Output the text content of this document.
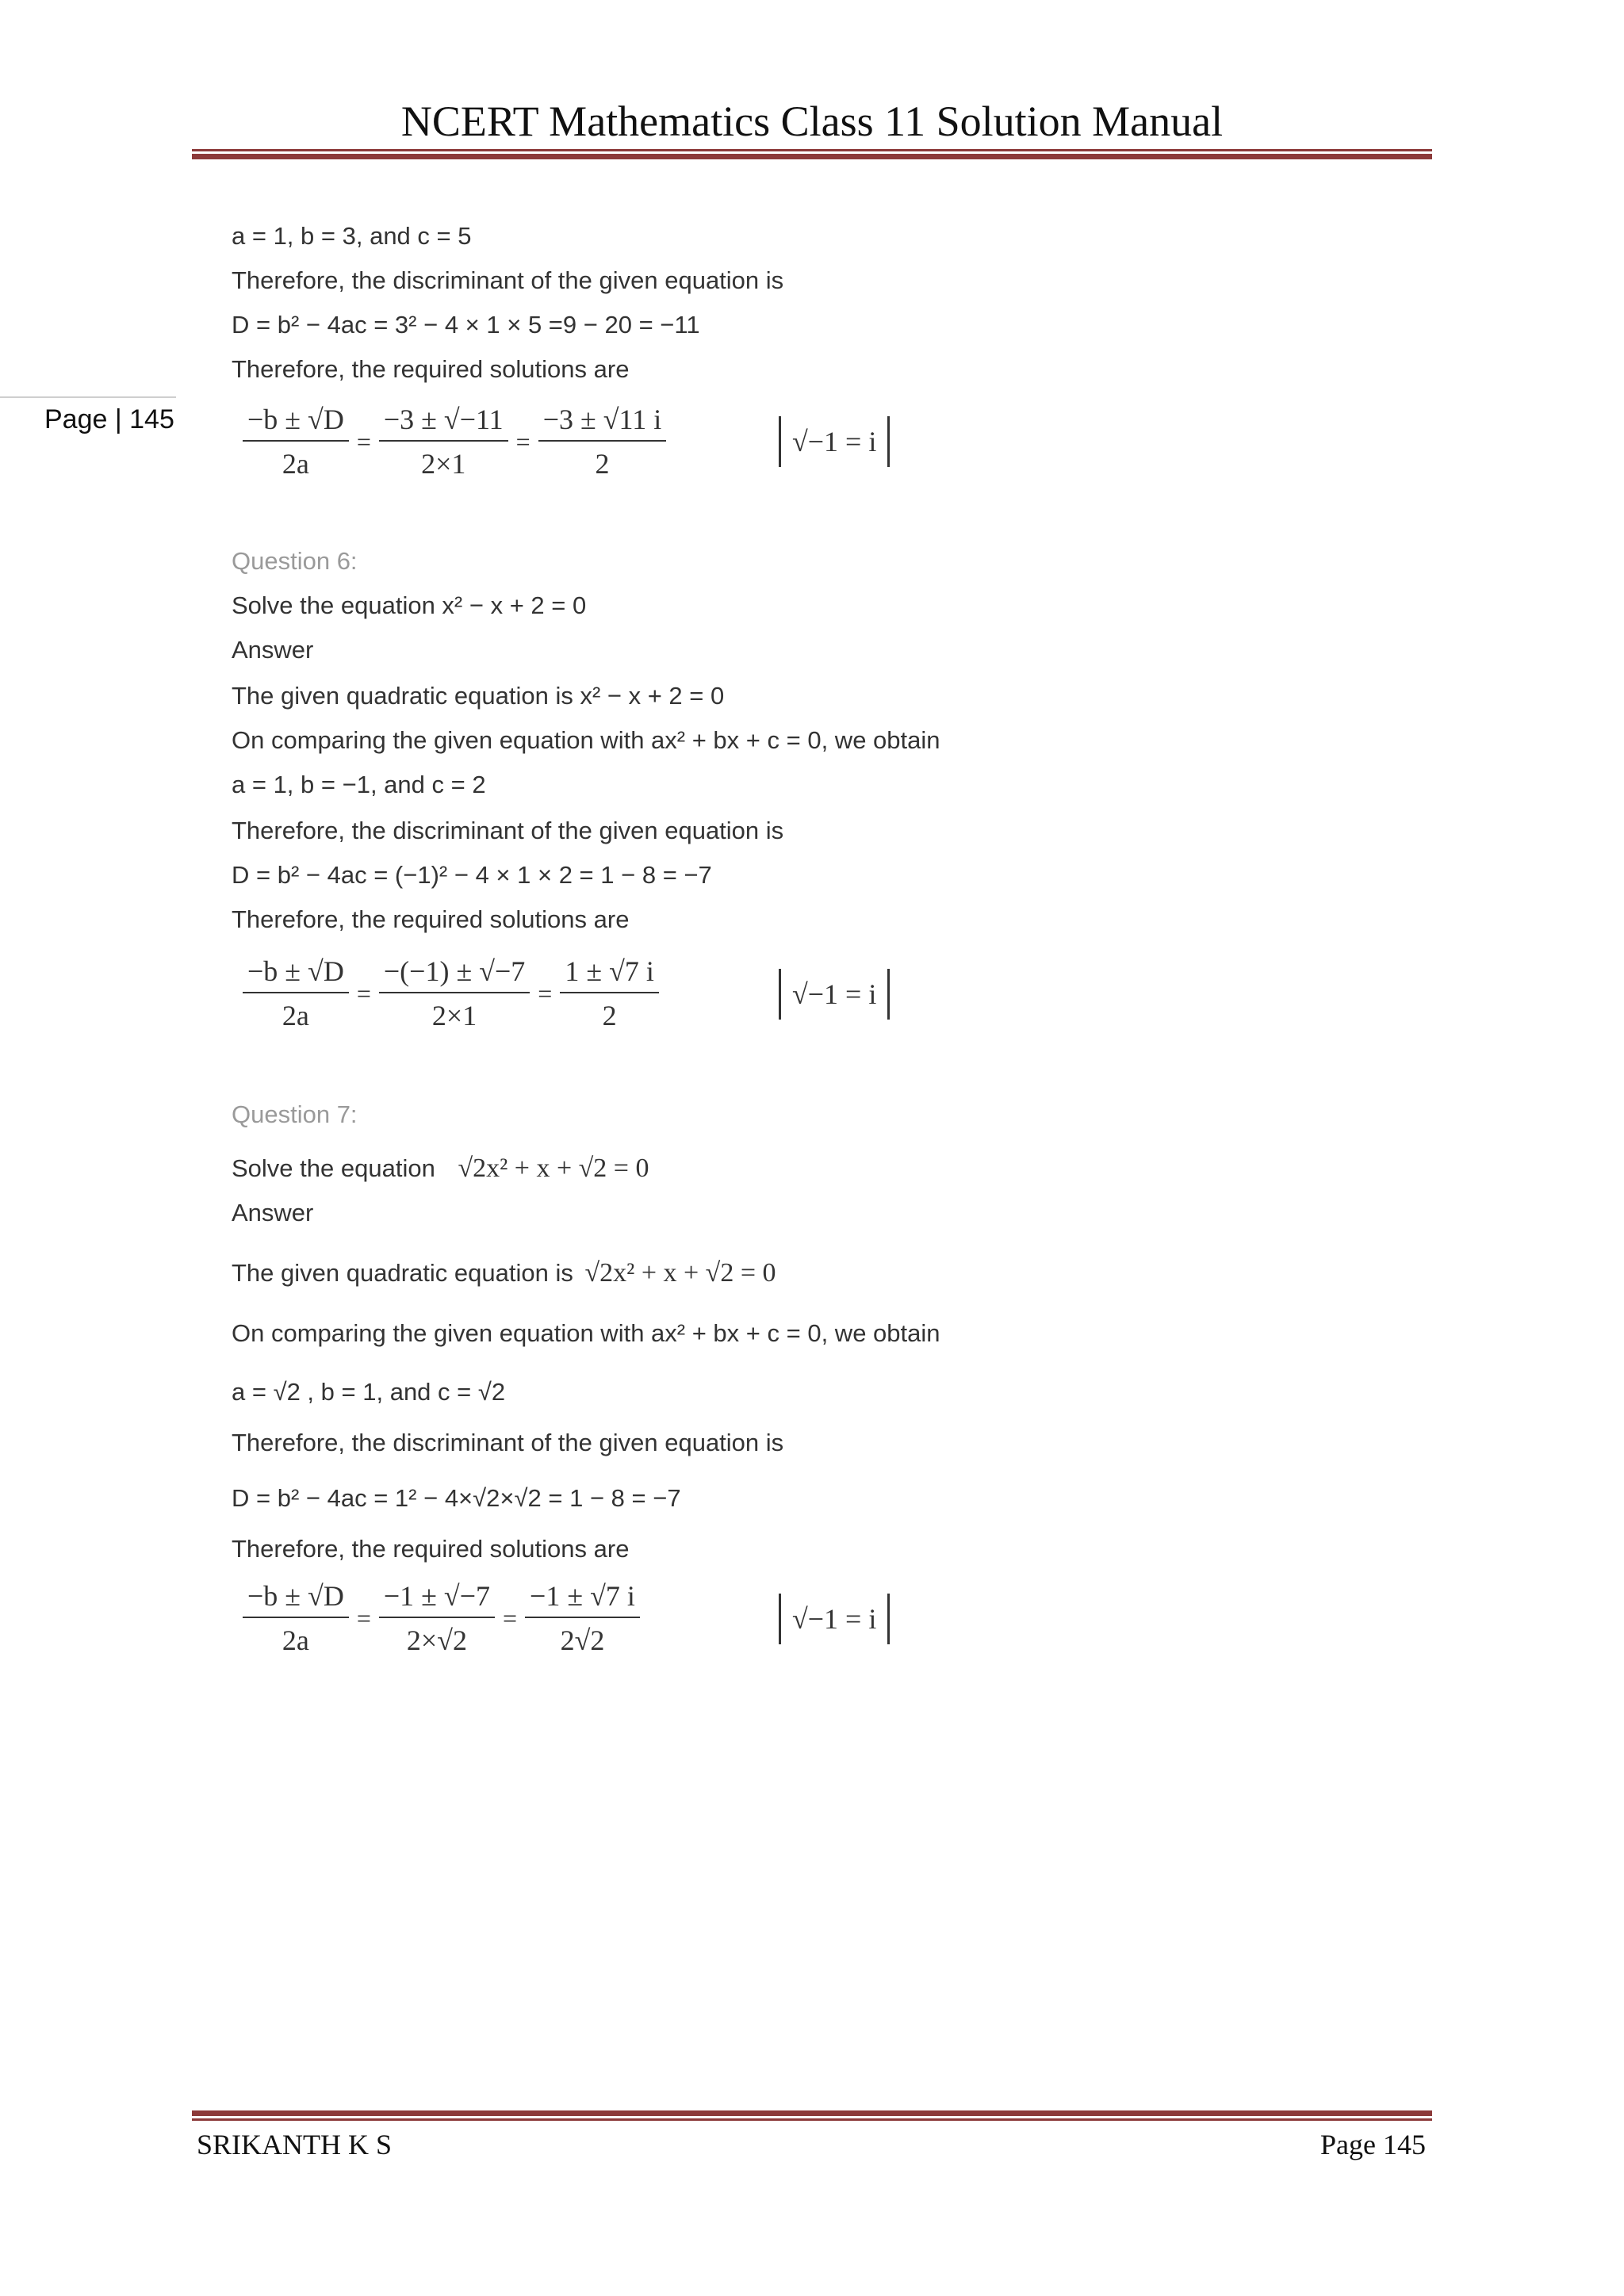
NCERT Mathematics Class 11 Solution Manual
Page | 145
a = 1, b = 3, and c = 5
Therefore, the discriminant of the given equation is
D = b² − 4ac = 3² − 4 × 1 × 5 =9 − 20 = −11
Therefore, the required solutions are
$\frac{-b \pm √D}{2a} = \frac{-3 \pm √-11}{2\times 1} = \frac{-3 \pm √11 i}{2}$	√−1 = i
Question 6:
Solve the equation x² − x + 2 = 0
Answer
The given quadratic equation is x² − x + 2 = 0
On comparing the given equation with ax² + bx + c = 0, we obtain
a = 1, b = −1, and c = 2
Therefore, the discriminant of the given equation is
D = b² − 4ac = (−1)² − 4 × 1 × 2 = 1 − 8 = −7
Therefore, the required solutions are
$\frac{-b \pm √D}{2a} = \frac{-(-1) \pm √-7}{2\times 1} = \frac{1 \pm √7 i}{2}$	√−1 = i
Question 7:
Solve the equation √2x² + x + √2 = 0
Answer
The given quadratic equation is √2x² + x + √2 = 0
On comparing the given equation with ax² + bx + c = 0, we obtain
a = √2 , b = 1, and c = √2
Therefore, the discriminant of the given equation is
D = b² − 4ac = 1² − 4×√2×√2 = 1 − 8 = −7
Therefore, the required solutions are
$\frac{-b \pm √D}{2a} = \frac{-1 \pm √-7}{2\times√2} = \frac{-1 \pm √7 i}{2√2}$	√−1 = i
SRIKANTH K S	Page 145
